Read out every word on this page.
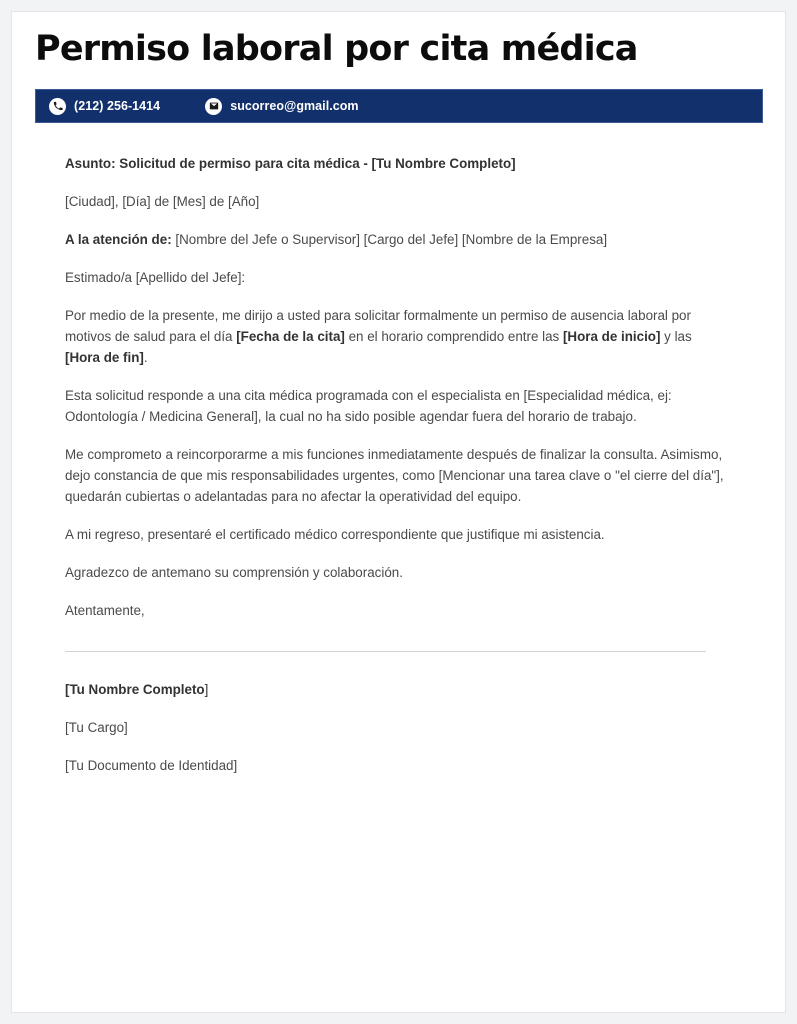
Permiso laboral por cita médica
(212) 256-1414	sucorreo@gmail.com

Asunto: Solicitud de permiso para cita médica - [Tu Nombre Completo]

[Ciudad], [Día] de [Mes] de [Año]

A la atención de: [Nombre del Jefe o Supervisor] [Cargo del Jefe] [Nombre de la Empresa]

Estimado/a [Apellido del Jefe]:

Por medio de la presente, me dirijo a usted para solicitar formalmente un permiso de ausencia laboral por motivos de salud para el día [Fecha de la cita] en el horario comprendido entre las [Hora de inicio] y las [Hora de fin].

Esta solicitud responde a una cita médica programada con el especialista en [Especialidad médica, ej: Odontología / Medicina General], la cual no ha sido posible agendar fuera del horario de trabajo.

Me comprometo a reincorporarme a mis funciones inmediatamente después de finalizar la consulta. Asimismo, dejo constancia de que mis responsabilidades urgentes, como [Mencionar una tarea clave o "el cierre del día"], quedarán cubiertas o adelantadas para no afectar la operatividad del equipo.

A mi regreso, presentaré el certificado médico correspondiente que justifique mi asistencia.

Agradezco de antemano su comprensión y colaboración.

Atentamente,

[Tu Nombre Completo]

[Tu Cargo]

[Tu Documento de Identidad]
